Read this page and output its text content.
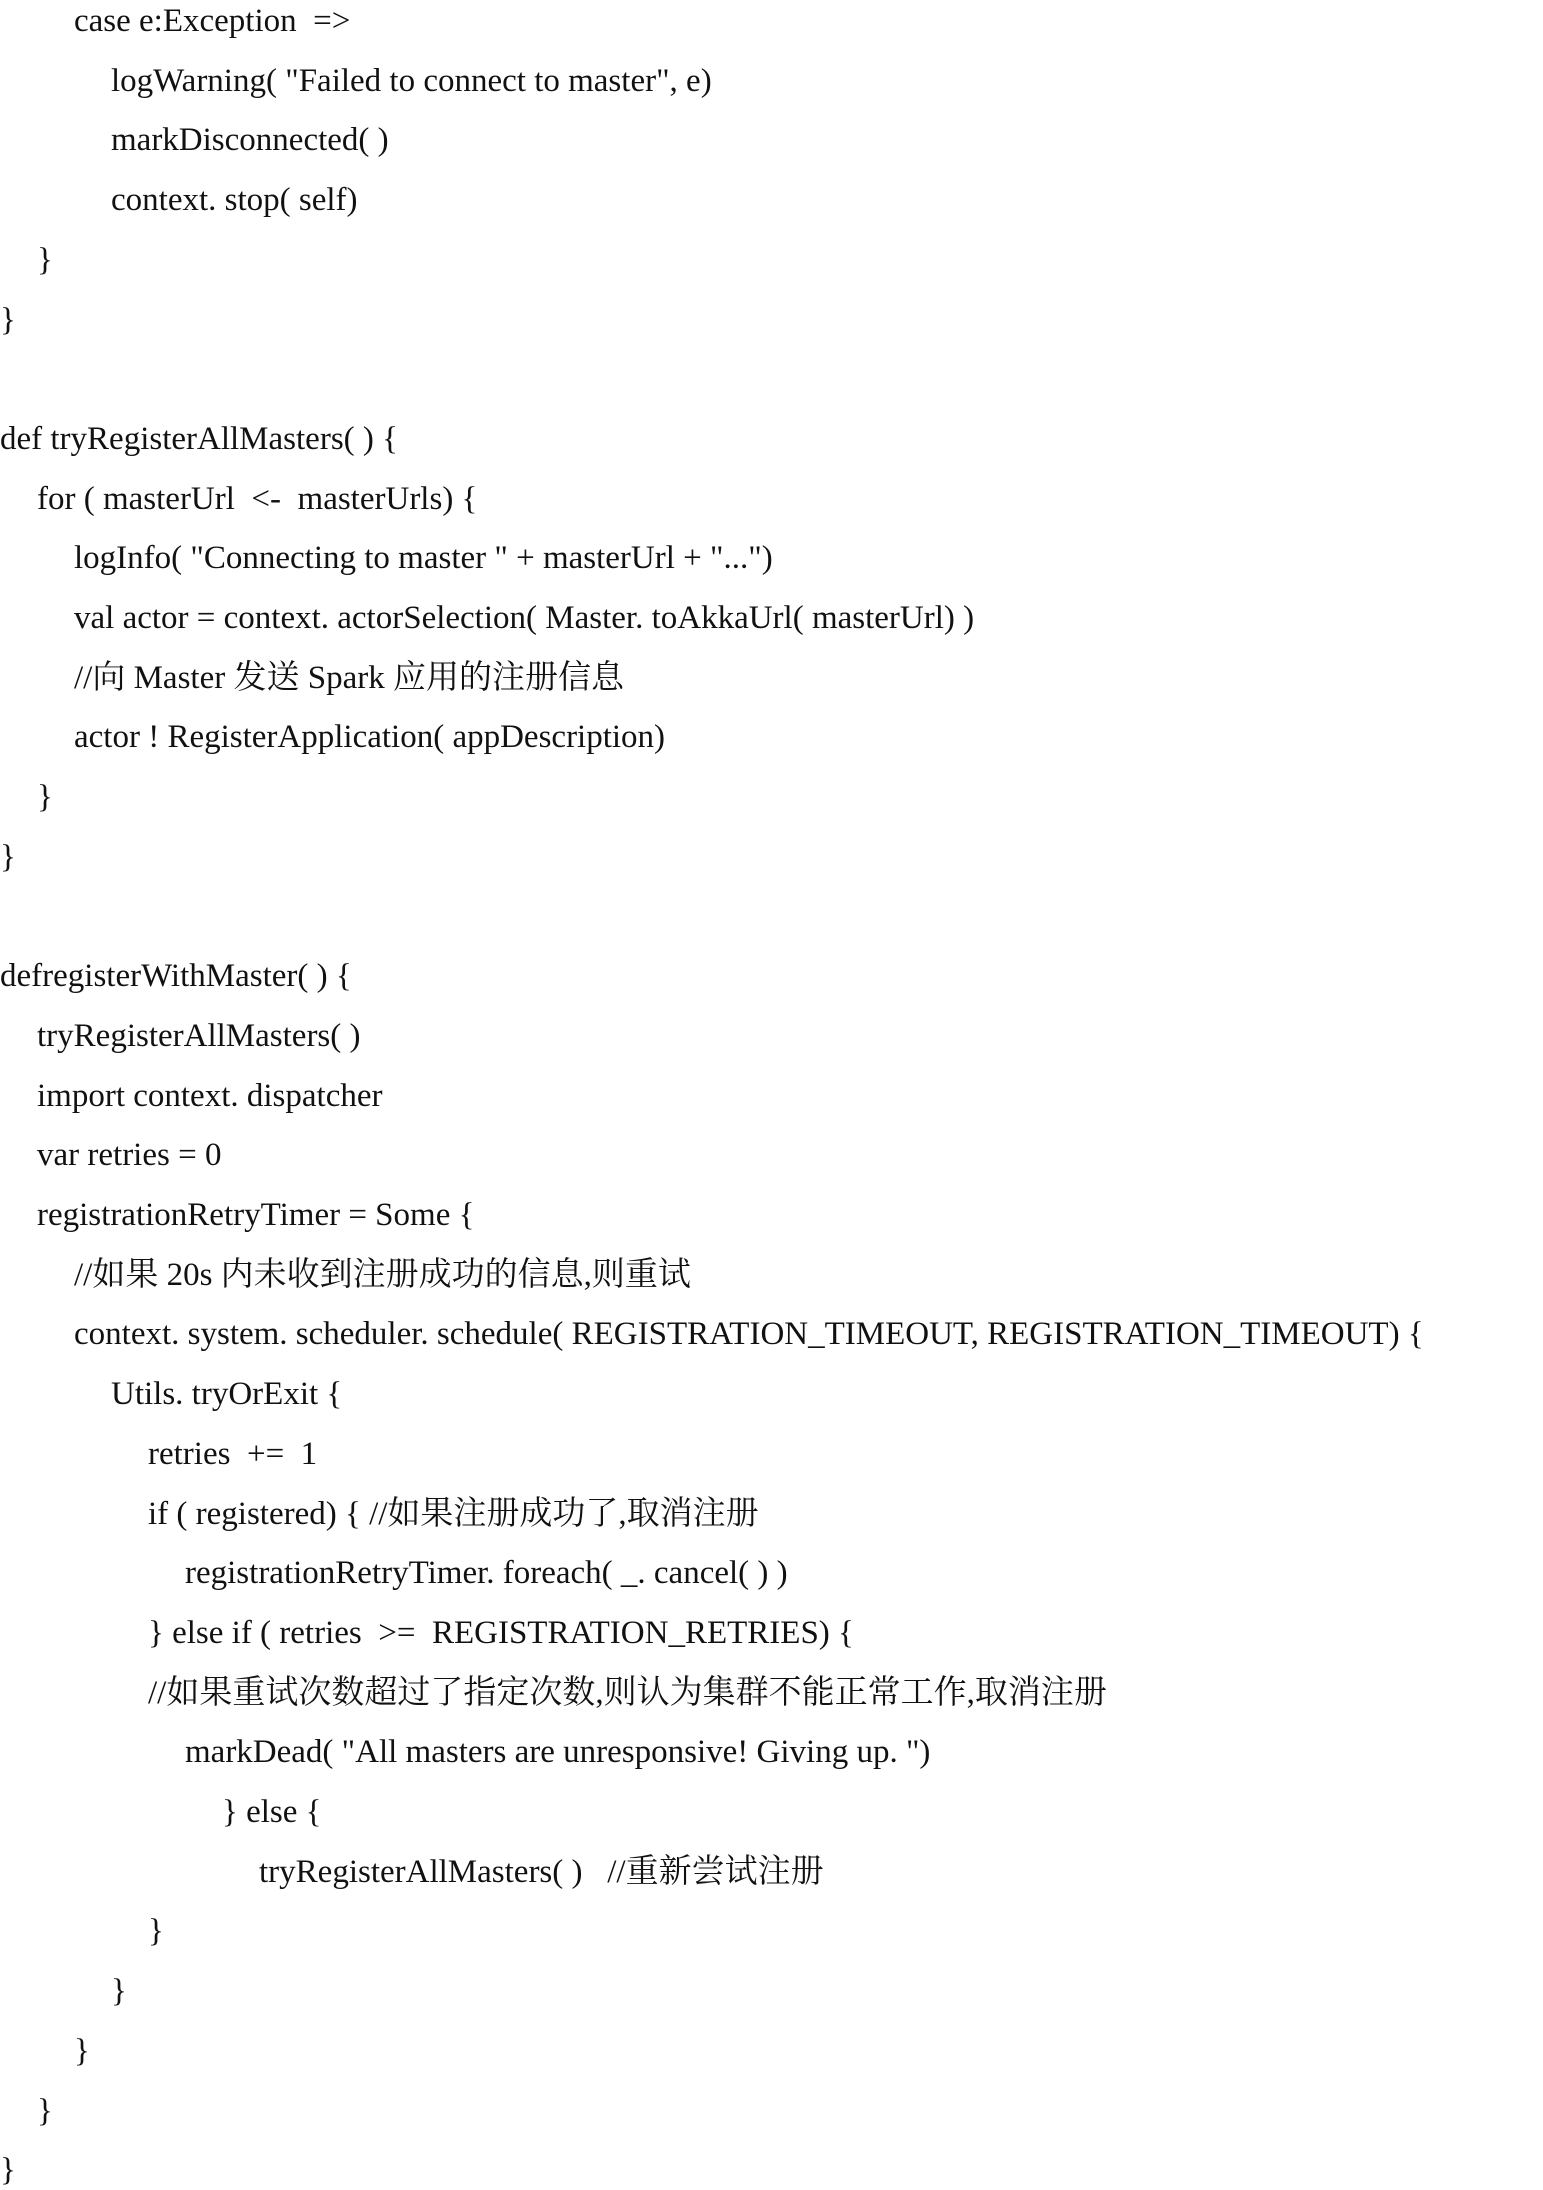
case e:Exception  =>
logWarning( "Failed to connect to master", e)
markDisconnected( )
context. stop( self)
}
}
def tryRegisterAllMasters( ) {
for ( masterUrl  <-  masterUrls) {
logInfo( "Connecting to master " + masterUrl + "...")
val actor = context. actorSelection( Master. toAkkaUrl( masterUrl) )
//向 Master 发送 Spark 应用的注册信息
actor ! RegisterApplication( appDescription)
}
}
defregisterWithMaster( ) {
tryRegisterAllMasters( )
import context. dispatcher
var retries = 0
registrationRetryTimer = Some {
//如果 20s 内未收到注册成功的信息,则重试
context. system. scheduler. schedule( REGISTRATION_TIMEOUT, REGISTRATION_TIMEOUT) {
Utils. tryOrExit {
retries  +=  1
if ( registered) { //如果注册成功了,取消注册
registrationRetryTimer. foreach( _. cancel( ) )
} else if ( retries  >=  REGISTRATION_RETRIES) {
//如果重试次数超过了指定次数,则认为集群不能正常工作,取消注册
markDead( "All masters are unresponsive! Giving up. ")
} else {
tryRegisterAllMasters( )   //重新尝试注册
}
}
}
}
}
